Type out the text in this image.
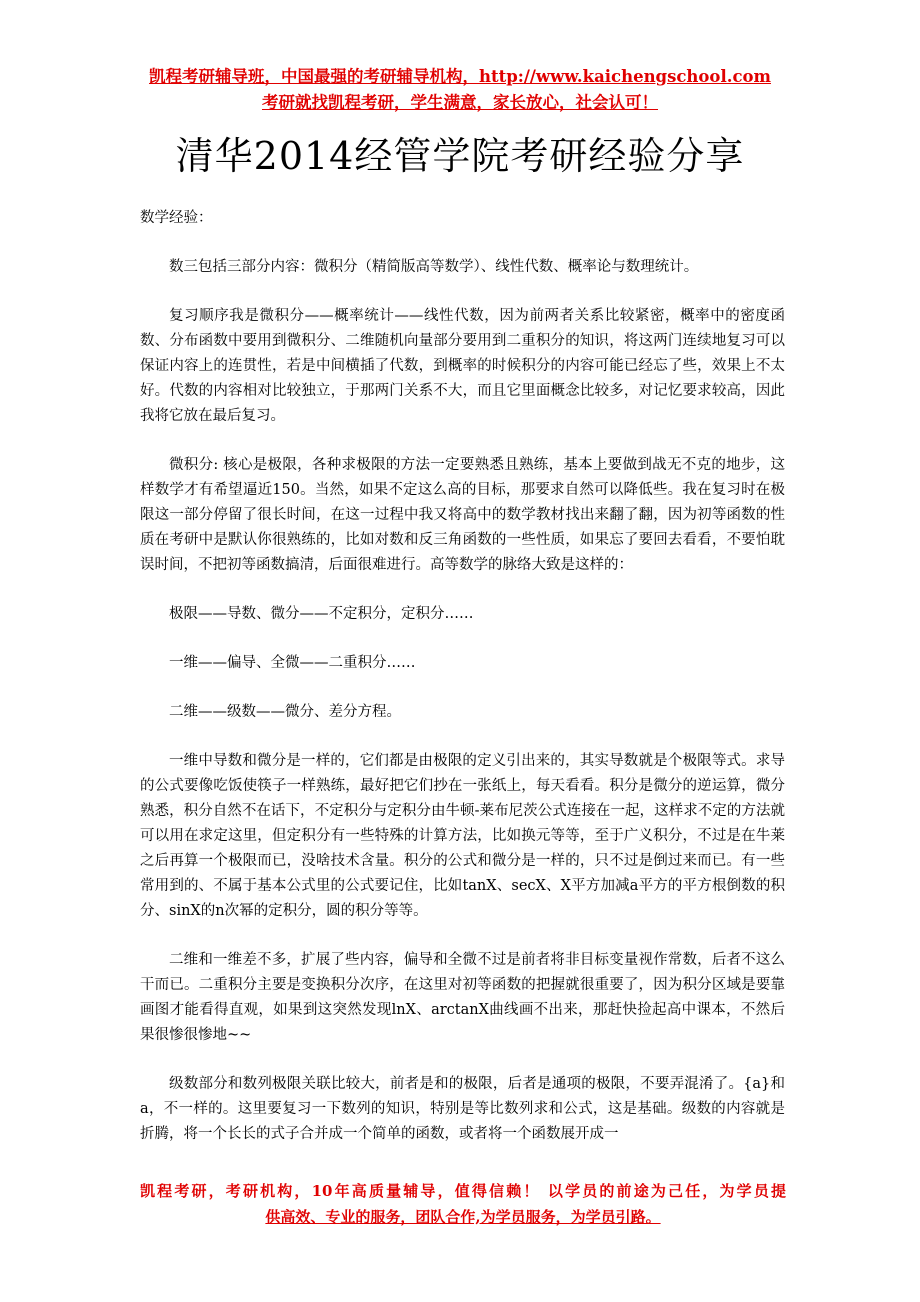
凯程考研辅导班，中国最强的考研辅导机构，http://www.kaichengschool.com
考研就找凯程考研，学生满意，家长放心，社会认可！
清华2014经管学院考研经验分享

数学经验：

数三包括三部分内容：微积分（精简版高等数学）、线性代数、概率论与数理统计。

复习顺序我是微积分——概率统计——线性代数，因为前两者关系比较紧密，概率中的密度函数、分布函数中要用到微积分、二维随机向量部分要用到二重积分的知识，将这两门连续地复习可以保证内容上的连贯性，若是中间横插了代数，到概率的时候积分的内容可能已经忘了些，效果上不太好。代数的内容相对比较独立，于那两门关系不大，而且它里面概念比较多，对记忆要求较高，因此我将它放在最后复习。

微积分: 核心是极限，各种求极限的方法一定要熟悉且熟练，基本上要做到战无不克的地步，这样数学才有希望逼近150。当然，如果不定这么高的目标，那要求自然可以降低些。我在复习时在极限这一部分停留了很长时间，在这一过程中我又将高中的数学教材找出来翻了翻，因为初等函数的性质在考研中是默认你很熟练的，比如对数和反三角函数的一些性质，如果忘了要回去看看，不要怕耽误时间，不把初等函数搞清，后面很难进行。高等数学的脉络大致是这样的：

极限——导数、微分——不定积分，定积分……

一维——偏导、全微——二重积分……

二维——级数——微分、差分方程。

一维中导数和微分是一样的，它们都是由极限的定义引出来的，其实导数就是个极限等式。求导的公式要像吃饭使筷子一样熟练，最好把它们抄在一张纸上，每天看看。积分是微分的逆运算，微分熟悉，积分自然不在话下，不定积分与定积分由牛顿-莱布尼茨公式连接在一起，这样求不定的方法就可以用在求定这里，但定积分有一些特殊的计算方法，比如换元等等，至于广义积分，不过是在牛莱之后再算一个极限而已，没啥技术含量。积分的公式和微分是一样的，只不过是倒过来而已。有一些常用到的、不属于基本公式里的公式要记住，比如tanX、secX、X平方加减a平方的平方根倒数的积分、sinX的n次幂的定积分，圆的积分等等。

二维和一维差不多，扩展了些内容，偏导和全微不过是前者将非目标变量视作常数，后者不这么干而已。二重积分主要是变换积分次序，在这里对初等函数的把握就很重要了，因为积分区域是要靠画图才能看得直观，如果到这突然发现lnX、arctanX曲线画不出来，那赶快捡起高中课本，不然后果很惨很惨地~~

级数部分和数列极限关联比较大，前者是和的极限，后者是通项的极限，不要弄混淆了。{a}和a，不一样的。这里要复习一下数列的知识，特别是等比数列求和公式，这是基础。级数的内容就是折腾，将一个长长的式子合并成一个简单的函数，或者将一个函数展开成一

凯程考研，考研机构，10年高质量辅导，值得信赖！ 以学员的前途为己任，为学员提
供高效、专业的服务，团队合作,为学员服务，为学员引路。
